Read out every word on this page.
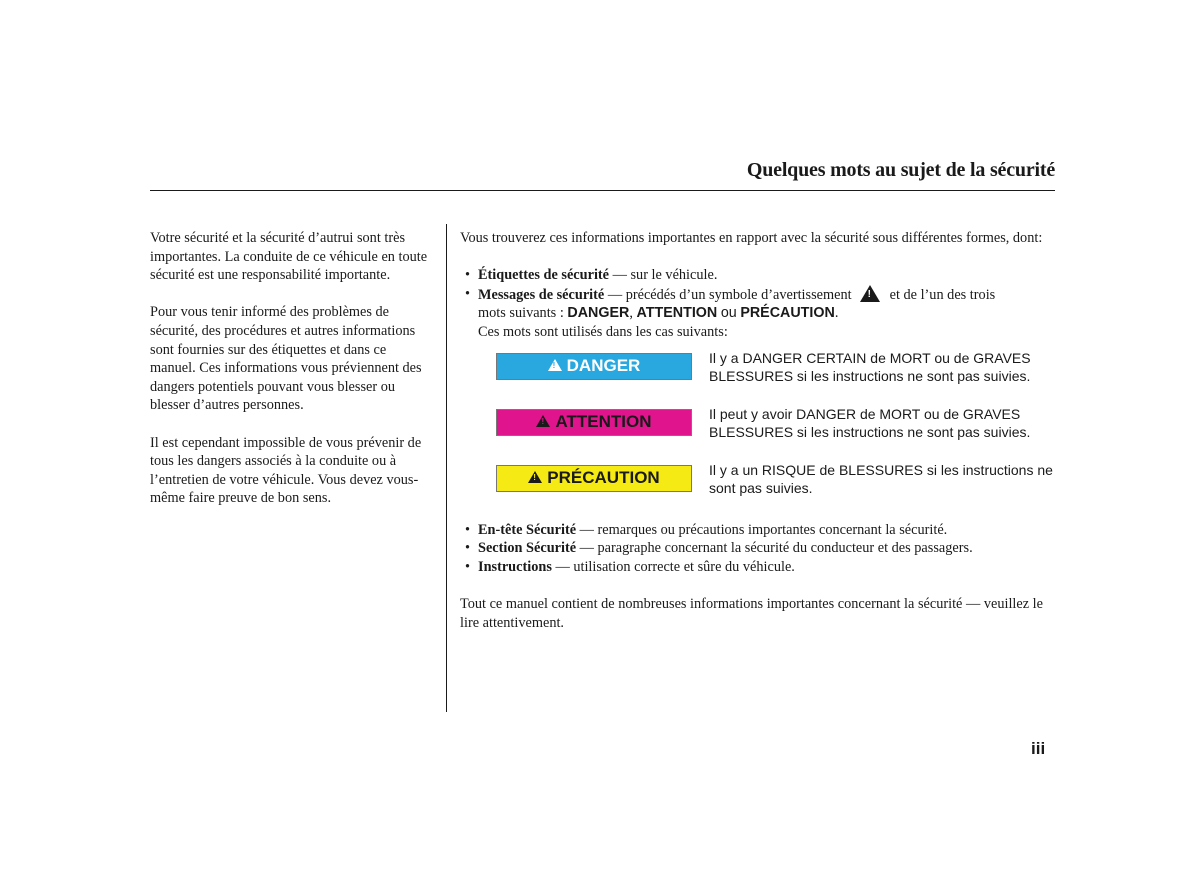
Quelques mots au sujet de la sécurité

Votre sécurité et la sécurité d’autrui sont très importantes. La conduite de ce véhicule en toute sécurité est une responsabilité importante.

Pour vous tenir informé des problèmes de sécurité, des procédures et autres informations sont fournies sur des étiquettes et dans ce manuel. Ces informations vous préviennent des dangers potentiels pouvant vous blesser ou blesser d’autres personnes.

Il est cependant impossible de vous prévenir de tous les dangers associés à la conduite ou à l’entretien de votre véhicule. Vous devez vous-même faire preuve de bon sens.

Vous trouverez ces informations importantes en rapport avec la sécurité sous différentes formes, dont:

• Étiquettes de sécurité — sur le véhicule.
• Messages de sécurité — précédés d’un symbole d’avertissement!	et de l’un des trois
mots suivants : DANGER, ATTENTION ou PRÉCAUTION.
Ces mots sont utilisés dans les cas suivants:
!
DANGER	Il y a DANGER CERTAIN de MORT ou de GRAVES BLESSURES si les instructions ne sont pas suivies.
!
ATTENTION	Il peut y avoir DANGER de MORT ou de GRAVES BLESSURES si les instructions ne sont pas suivies.
!
PRÉCAUTION	Il y a un RISQUE de BLESSURES si les instructions ne sont pas suivies.
• En-tête Sécurité — remarques ou précautions importantes concernant la sécurité.
• Section Sécurité — paragraphe concernant la sécurité du conducteur et des passagers.
• Instructions — utilisation correcte et sûre du véhicule.

Tout ce manuel contient de nombreuses informations importantes concernant la sécurité — veuillez le lire attentivement.

iii
